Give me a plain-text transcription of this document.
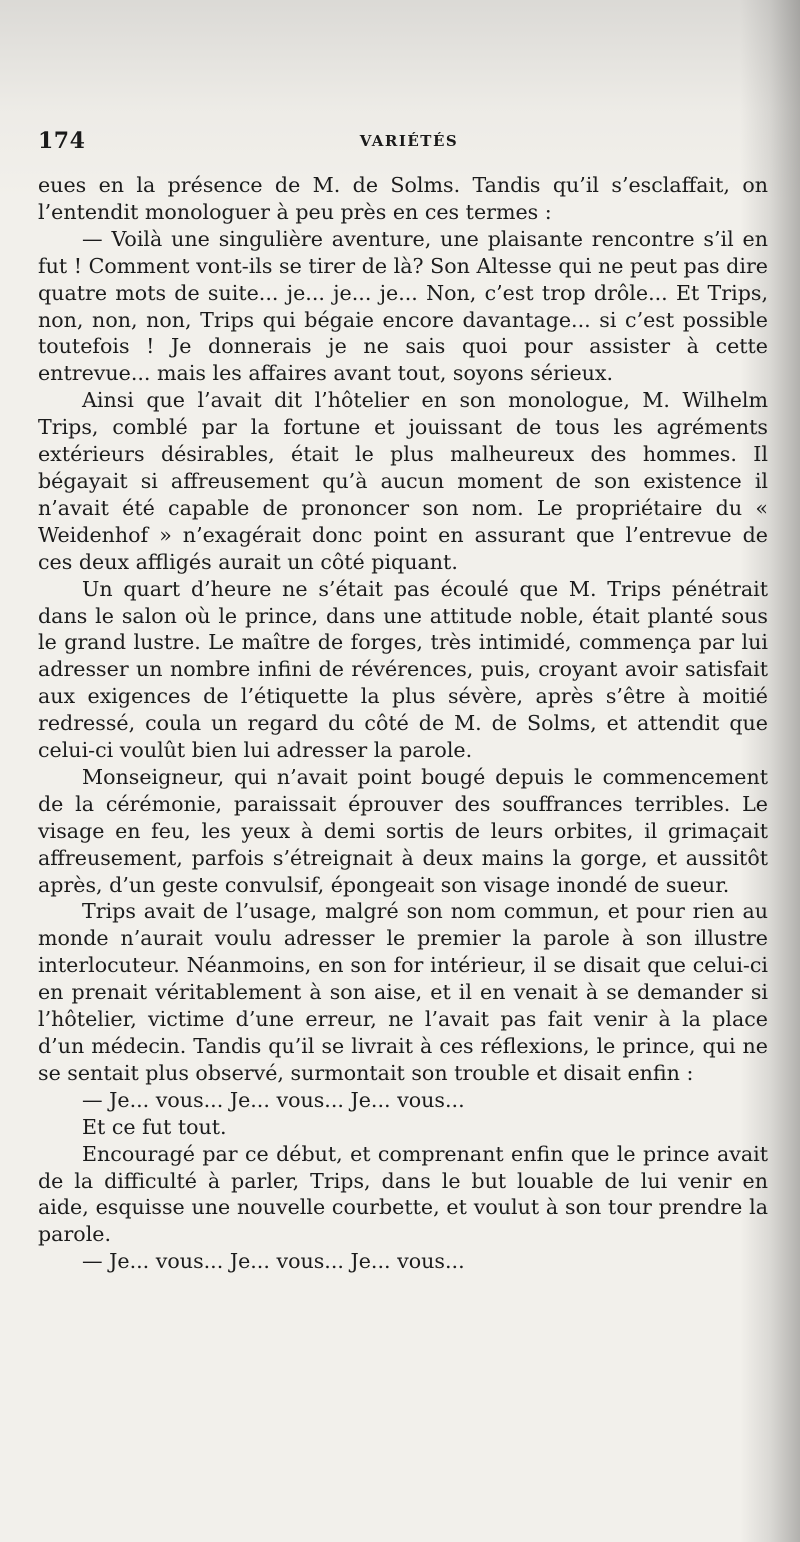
174	VARIÉTÉS

eues en la présence de M. de Solms. Tandis qu’il s’esclaffait, on l’entendit monologuer à peu près en ces termes :

— Voilà une singulière aventure, une plaisante rencontre s’il en fut ! Comment vont-ils se tirer de là? Son Altesse qui ne peut pas dire quatre mots de suite... je... je... je... Non, c’est trop drôle... Et Trips, non, non, non, Trips qui bégaie encore davantage... si c’est possible toutefois ! Je donnerais je ne sais quoi pour assister à cette entrevue... mais les affaires avant tout, soyons sérieux.

Ainsi que l’avait dit l’hôtelier en son monologue, M. Wilhelm Trips, comblé par la fortune et jouissant de tous les agréments extérieurs désirables, était le plus malheureux des hommes. Il bégayait si affreusement qu’à aucun moment de son existence il n’avait été capable de prononcer son nom. Le propriétaire du « Weidenhof » n’exagérait donc point en assurant que l’entrevue de ces deux affligés aurait un côté piquant.

Un quart d’heure ne s’était pas écoulé que M. Trips pénétrait dans le salon où le prince, dans une attitude noble, était planté sous le grand lustre. Le maître de forges, très intimidé, commença par lui adresser un nombre infini de révérences, puis, croyant avoir satisfait aux exigences de l’étiquette la plus sévère, après s’être à moitié redressé, coula un regard du côté de M. de Solms, et attendit que celui-ci voulût bien lui adresser la parole.

Monseigneur, qui n’avait point bougé depuis le commencement de la cérémonie, paraissait éprouver des souffrances terribles. Le visage en feu, les yeux à demi sortis de leurs orbites, il grimaçait affreusement, parfois s’étreignait à deux mains la gorge, et aussitôt après, d’un geste convulsif, épongeait son visage inondé de sueur.

Trips avait de l’usage, malgré son nom commun, et pour rien au monde n’aurait voulu adresser le premier la parole à son illustre interlocuteur. Néanmoins, en son for intérieur, il se disait que celui-ci en prenait véritablement à son aise, et il en venait à se demander si l’hôtelier, victime d’une erreur, ne l’avait pas fait venir à la place d’un médecin. Tandis qu’il se livrait à ces réflexions, le prince, qui ne se sentait plus observé, surmontait son trouble et disait enfin :

— Je... vous... Je... vous... Je... vous...

Et ce fut tout.

Encouragé par ce début, et comprenant enfin que le prince avait de la difficulté à parler, Trips, dans le but louable de lui venir en aide, esquisse une nouvelle courbette, et voulut à son tour prendre la parole.

— Je... vous... Je... vous... Je... vous...
